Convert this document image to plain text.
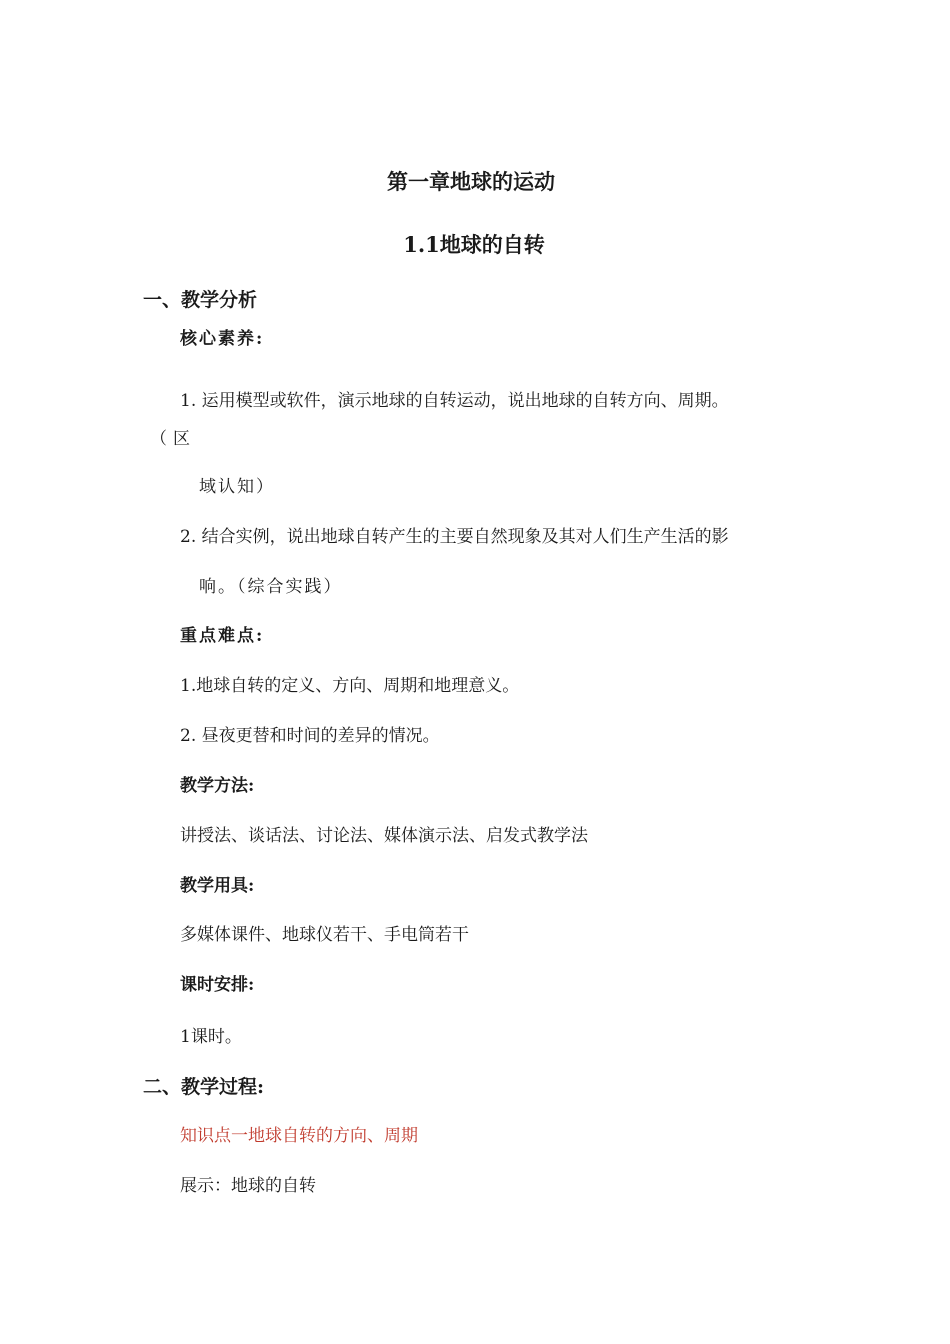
第一章地球的运动
1.1地球的自转
一、教学分析
核心素养:
1. 运用模型或软件，演示地球的自转运动，说出地球的自转方向、周期。
（区
域认知）
2. 结合实例，说出地球自转产生的主要自然现象及其对人们生产生活的影
响。（综合实践）
重点难点:
1.地球自转的定义、方向、周期和地理意义。
2. 昼夜更替和时间的差异的情况。
教学方法:
讲授法、谈话法、讨论法、媒体演示法、启发式教学法
教学用具:
多媒体课件、地球仪若干、手电筒若干
课时安排:
1课时。
二、教学过程:
知识点一地球自转的方向、周期
展示：地球的自转
